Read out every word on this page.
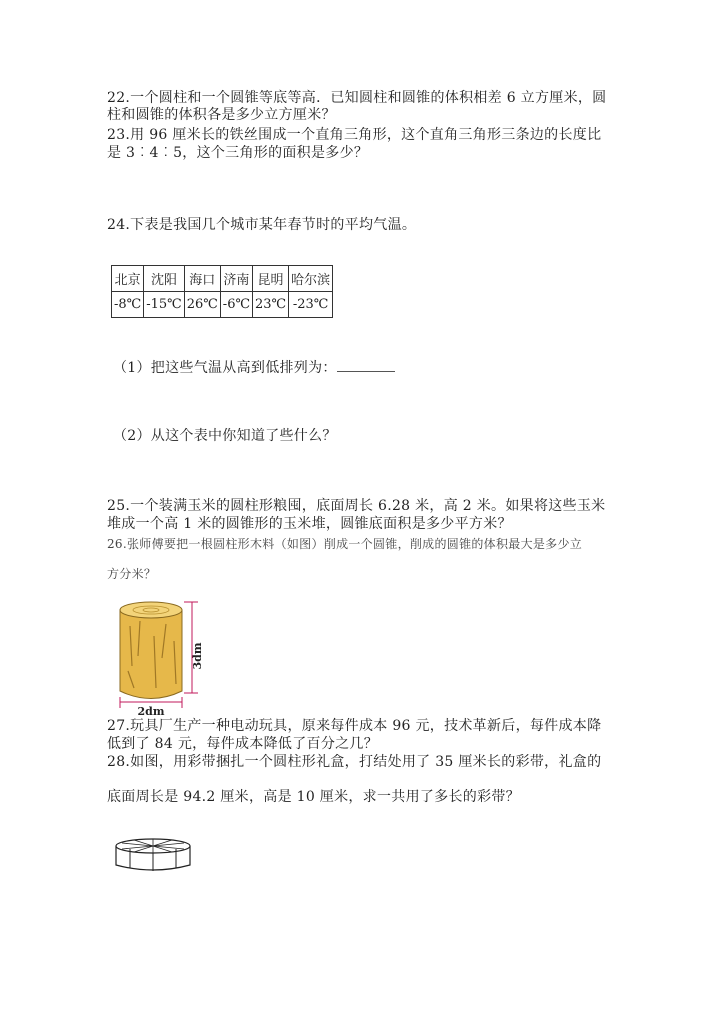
22.一个圆柱和一个圆锥等底等高．已知圆柱和圆锥的体积相差 6 立方厘米，圆
柱和圆锥的体积各是多少立方厘米？
23.用 96 厘米长的铁丝围成一个直角三角形，这个直角三角形三条边的长度比
是 3︰4︰5，这个三角形的面积是多少？
24.下表是我国几个城市某年春节时的平均气温。
北京	沈阳	海口	济南	昆明	哈尔滨
-8℃	-15℃	26℃	-6℃	23℃	-23℃
（1）把这些气温从高到低排列为：
（2）从这个表中你知道了些什么？
25.一个装满玉米的圆柱形粮囤，底面周长 6.28 米，高 2 米。如果将这些玉米
堆成一个高 1 米的圆锥形的玉米堆，圆锥底面积是多少平方米？
26.张师傅要把一根圆柱形木料（如图）削成一个圆锥，削成的圆锥的体积最大是多少立
方分米？
3dm
2dm
27.玩具厂生产一种电动玩具，原来每件成本 96 元，技术革新后，每件成本降
低到了 84 元，每件成本降低了百分之几？
28.如图，用彩带捆扎一个圆柱形礼盒，打结处用了 35 厘米长的彩带，礼盒的
底面周长是 94.2 厘米，高是 10 厘米，求一共用了多长的彩带？
